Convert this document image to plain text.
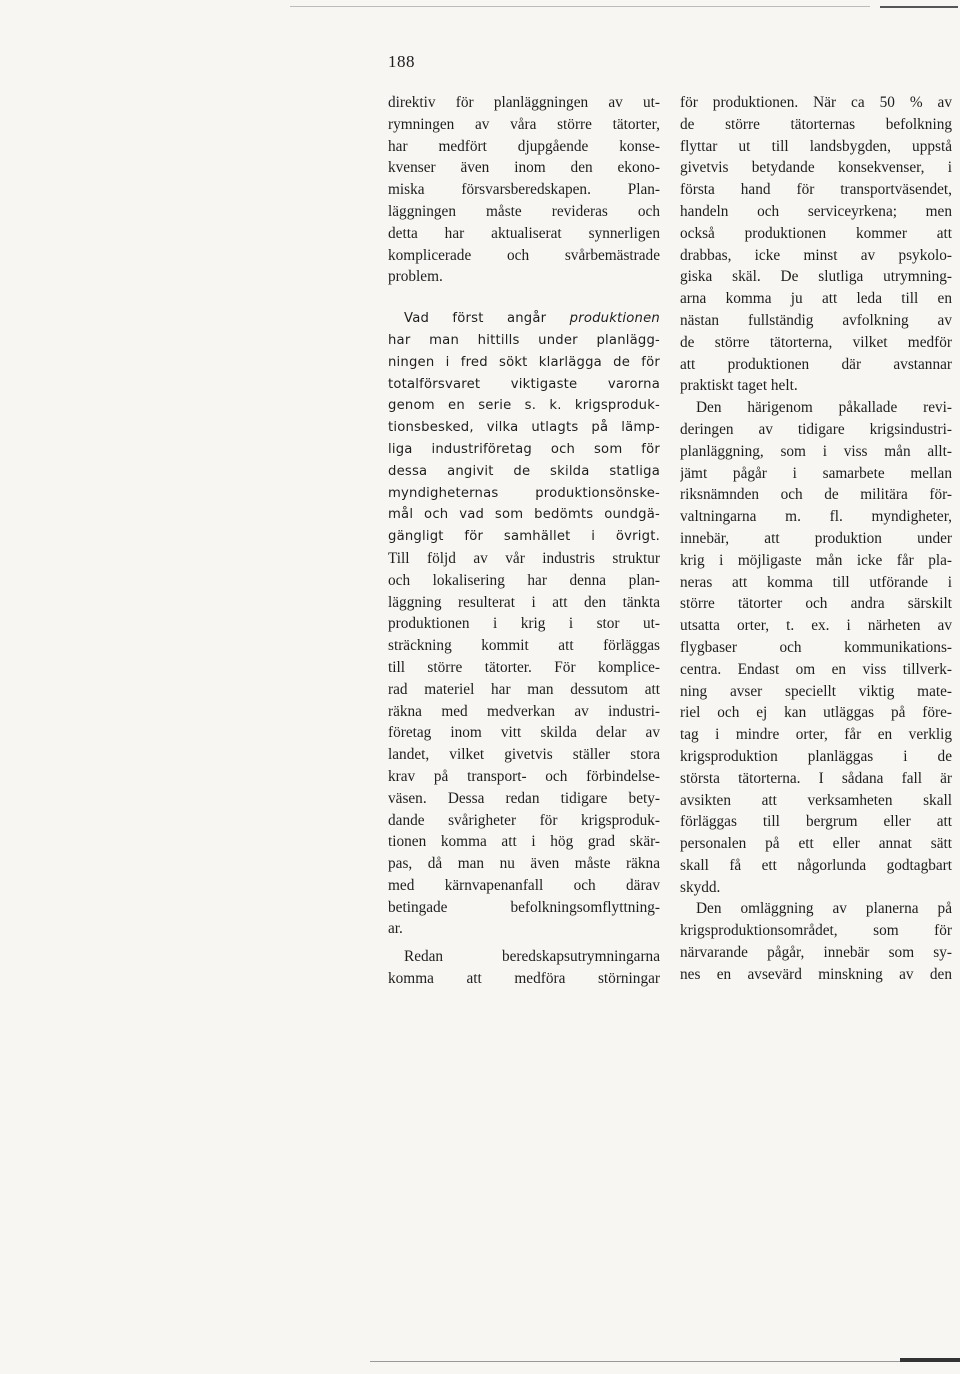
188
direktiv för planläggningen av ut-
rymningen av våra större tätorter,
har medfört djupgående konse-
kvenser även inom den ekono-
miska försvarsberedskapen. Plan-
läggningen måste revideras och
detta har aktualiserat synnerligen
komplicerade och svårbemästrade
problem.
Vad först angår produktionen
har man hittills under planlägg-
ningen i fred sökt klarlägga de för
totalförsvaret viktigaste varorna
genom en serie s. k. krigsproduk-
tionsbesked, vilka utlagts på lämp-
liga industriföretag och som för
dessa angivit de skilda statliga
myndigheternas produktionsönske-
mål och vad som bedömts oundgä-
gängligt för samhället i övrigt.
Till följd av vår industris struktur
och lokalisering har denna plan-
läggning resulterat i att den tänkta
produktionen i krig i stor ut-
sträckning kommit att förläggas
till större tätorter. För komplice-
rad materiel har man dessutom att
räkna med medverkan av industri-
företag inom vitt skilda delar av
landet, vilket givetvis ställer stora
krav på transport- och förbindelse-
väsen. Dessa redan tidigare bety-
dande svårigheter för krigsproduk-
tionen komma att i hög grad skär-
pas, då man nu även måste räkna
med kärnvapenanfall och därav
betingade befolkningsomflyttning-
ar.
Redan beredskapsutrymningarna
komma att medföra störningar
för produktionen. När ca 50 % av
de större tätorternas befolkning
flyttar ut till landsbygden, uppstå
givetvis betydande konsekvenser, i
första hand för transportväsendet,
handeln och serviceyrkena; men
också produktionen kommer att
drabbas, icke minst av psykolo-
giska skäl. De slutliga utrymning-
arna komma ju att leda till en
nästan fullständig avfolkning av
de större tätorterna, vilket medför
att produktionen där avstannar
praktiskt taget helt.
Den härigenom påkallade revi-
deringen av tidigare krigsindustri-
planläggning, som i viss mån allt-
jämt pågår i samarbete mellan
riksnämnden och de militära för-
valtningarna m. fl. myndigheter,
innebär, att produktion under
krig i möjligaste mån icke får pla-
neras att komma till utförande i
större tätorter och andra särskilt
utsatta orter, t. ex. i närheten av
flygbaser och kommunikations-
centra. Endast om en viss tillverk-
ning avser speciellt viktig mate-
riel och ej kan utläggas på före-
tag i mindre orter, får en verklig
krigsproduktion planläggas i de
största tätorterna. I sådana fall är
avsikten att verksamheten skall
förläggas till bergrum eller att
personalen på ett eller annat sätt
skall få ett någorlunda godtagbart
skydd.
Den omläggning av planerna på
krigsproduktionsområdet, som för
närvarande pågår, innebär som sy-
nes en avsevärd minskning av den
